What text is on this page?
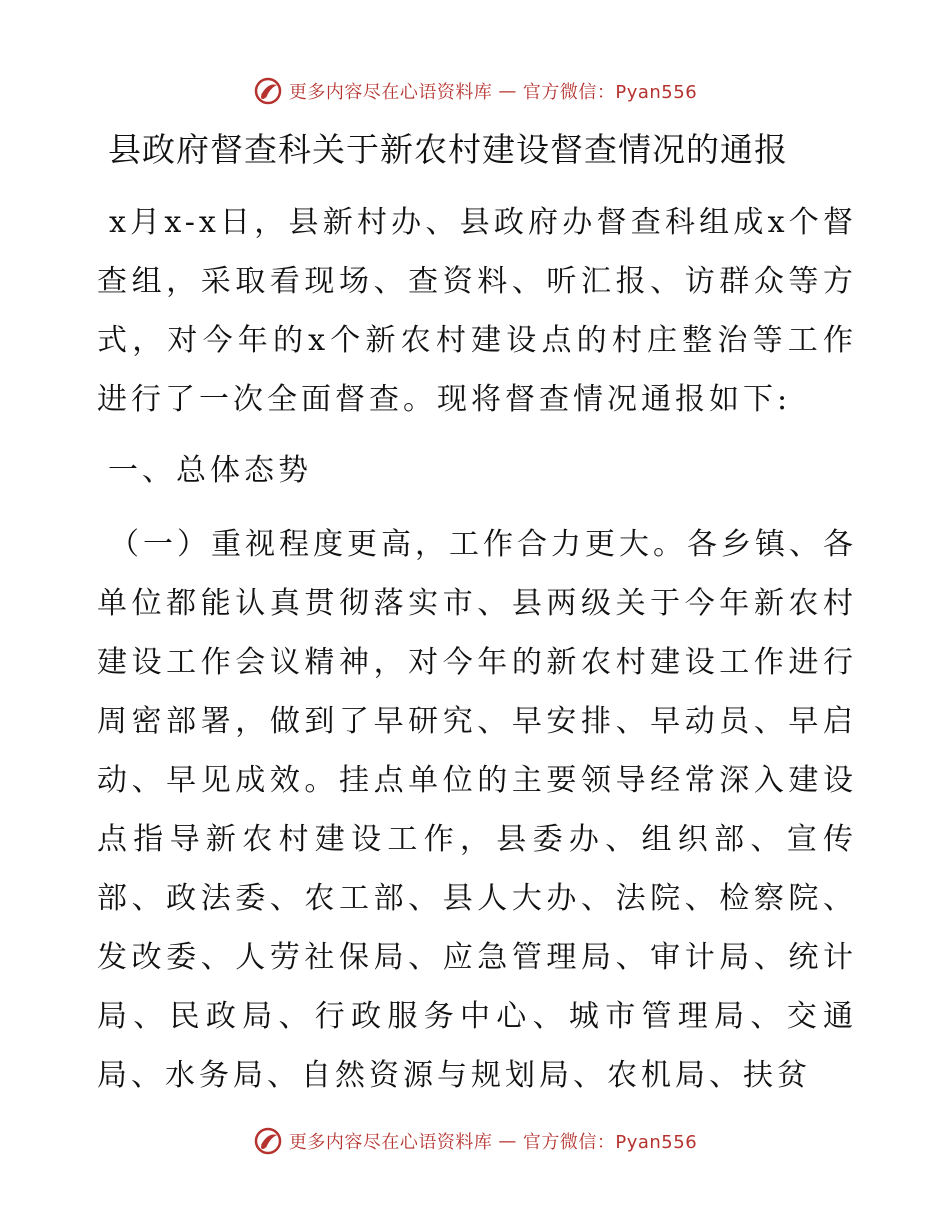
更多内容尽在心语资料库 — 官方微信：Pyan556
县政府督查科关于新农村建设督查情况的通报
x月x-x日，县新村办、县政府办督查科组成x个督查组，采取看现场、查资料、听汇报、访群众等方式，对今年的x个新农村建设点的村庄整治等工作进行了一次全面督查。现将督查情况通报如下:
一、总体态势
（一）重视程度更高，工作合力更大。各乡镇、各单位都能认真贯彻落实市、县两级关于今年新农村建设工作会议精神，对今年的新农村建设工作进行周密部署，做到了早研究、早安排、早动员、早启动、早见成效。挂点单位的主要领导经常深入建设点指导新农村建设工作，县委办、组织部、宣传部、政法委、农工部、县人大办、法院、检察院、发改委、人劳社保局、应急管理局、审计局、统计局、民政局、行政服务中心、城市管理局、交通局、水务局、自然资源与规划局、农机局、扶贫
更多内容尽在心语资料库 — 官方微信：Pyan556
